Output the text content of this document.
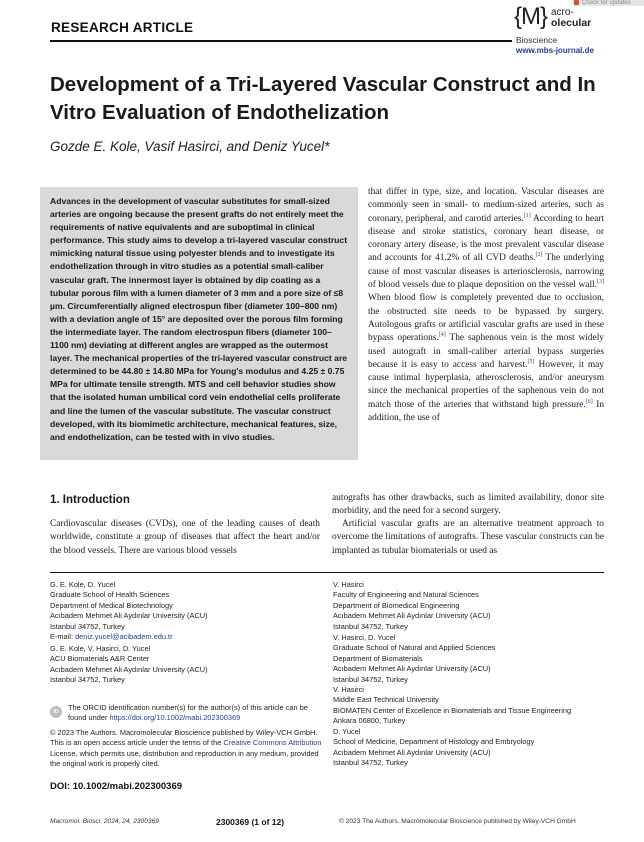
Check for updates
RESEARCH ARTICLE	{M} acro-
olecular
Bioscience
www.mbs-journal.de
Development of a Tri-Layered Vascular Construct and In Vitro Evaluation of Endothelization
Gozde E. Kole, Vasif Hasirci, and Deniz Yucel*

Advances in the development of vascular substitutes for small-sized arteries are ongoing because the present grafts do not entirely meet the requirements of native equivalents and are suboptimal in clinical performance. This study aims to develop a tri-layered vascular construct mimicking natural tissue using polyester blends and to investigate its endothelization through in vitro studies as a potential small-caliber vascular graft. The innermost layer is obtained by dip coating as a tubular porous film with a lumen diameter of 3 mm and a pore size of ≤8 µm. Circumferentially aligned electrospun fiber (diameter 100–800 nm) with a deviation angle of 15° are deposited over the porous film forming the intermediate layer. The random electrospun fibers (diameter 100–1100 nm) deviating at different angles are wrapped as the outermost layer. The mechanical properties of the tri-layered vascular construct are determined to be 44.80 ± 14.80 MPa for Young's modulus and 4.25 ± 0.75 MPa for ultimate tensile strength. MTS and cell behavior studies show that the isolated human umbilical cord vein endothelial cells proliferate and line the lumen of the vascular substitute. The vascular construct developed, with its biomimetic architecture, mechanical features, size, and endothelization, can be tested with in vivo studies.

that differ in type, size, and location. Vascular diseases are commonly seen in small- to medium-sized arteries, such as coronary, peripheral, and carotid arteries.[1] According to heart disease and stroke statistics, coronary heart disease, or coronary artery disease, is the most prevalent vascular disease and accounts for 41.2% of all CVD deaths.[2] The underlying cause of most vascular diseases is arteriosclerosis, narrowing of blood vessels due to plaque deposition on the vessel wall.[3] When blood flow is completely prevented due to occlusion, the obstructed site needs to be bypassed by surgery. Autologous grafts or artificial vascular grafts are used in these bypass operations.[4] The saphenous vein is the most widely used autograft in small-caliber arterial bypass surgeries because it is easy to access and harvest.[5] However, it may cause intimal hyperplasia, atherosclerosis, and/or aneurysm since the mechanical properties of the saphenous vein do not match those of the arteries that withstand high pressure.[6] In addition, the use of

autografts has other drawbacks, such as limited availability, donor site morbidity, and the need for a second surgery.

Artificial vascular grafts are an alternative treatment approach to overcome the limitations of autografts. These vascular constructs can be implanted as tubular biomaterials or used as

1. Introduction

Cardiovascular diseases (CVDs), one of the leading causes of death worldwide, constitute a group of diseases that affect the heart and/or the blood vessels. There are various blood vessels

G. E. Kole, D. Yucel
Graduate School of Health Sciences
Department of Medical Biotechnology
Acıbadem Mehmet Ali Aydınlar University (ACU)
Istanbul 34752, Turkey
E-mail: deniz.yucel@acibadem.edu.tr
G. E. Kole, V. Hasirci, D. Yucel
ACU Biomaterials A&R Center
Acıbadem Mehmet Ali Aydınlar University (ACU)
Istanbul 34752, Turkey
V. Hasirci
Faculty of Engineering and Natural Sciences
Department of Biomedical Engineering
Acıbadem Mehmet Ali Aydınlar University (ACU)
Istanbul 34752, Turkey
V. Hasirci, D. Yucel
Graduate School of Natural and Applied Sciences
Department of Biomaterials
Acıbadem Mehmet Ali Aydınlar University (ACU)
Istanbul 34752, Turkey
V. Hasirci
Middle East Technical University
BIOMATEN Center of Excellence in Biomaterials and Tissue Engineering
Ankara 06800, Turkey
D. Yucel
School of Medicine, Department of Histology and Embryology
Acıbadem Mehmet Ali Aydınlar University (ACU)
Istanbul 34752, Turkey
iD	The ORCID identification number(s) for the author(s) of this article can be found under https://doi.org/10.1002/mabi.202300369
© 2023 The Authors. Macromolecular Bioscience published by Wiley-VCH GmbH. This is an open access article under the terms of the Creative Commons Attribution License, which permits use, distribution and reproduction in any medium, provided the original work is properly cited.
DOI: 10.1002/mabi.202300369
Macromol. Biosci. 2024, 24, 2300369	2300369 (1 of 12)	© 2023 The Authors. Macromolecular Bioscience published by Wiley-VCH GmbH
